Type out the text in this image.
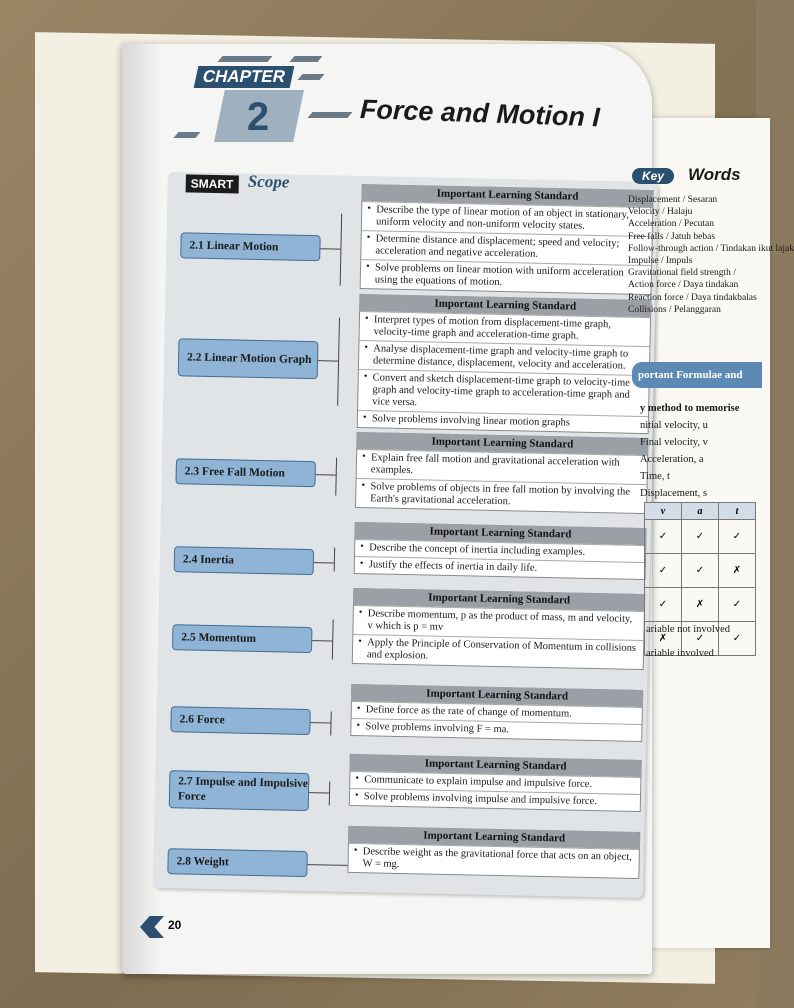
CHAPTER
2	Force and Motion I
SMART Scope
2.1 Linear Motion
Important Learning Standard
• Describe the type of linear motion of an object in stationary, uniform velocity and non-uniform velocity states.
• Determine distance and displacement; speed and velocity; acceleration and negative acceleration.
• Solve problems on linear motion with uniform acceleration using the equations of motion.
2.2 Linear Motion Graph
Important Learning Standard
• Interpret types of motion from displacement-time graph, velocity-time graph and acceleration-time graph.
• Analyse displacement-time graph and velocity-time graph to determine distance, displacement, velocity and acceleration.
• Convert and sketch displacement-time graph to velocity-time graph and velocity-time graph to acceleration-time graph and vice versa.
• Solve problems involving linear motion graphs
2.3 Free Fall Motion
Important Learning Standard
• Explain free fall motion and gravitational acceleration with examples.
• Solve problems of objects in free fall motion by involving the Earth's gravitational acceleration.
2.4 Inertia
Important Learning Standard
• Describe the concept of inertia including examples.
• Justify the effects of inertia in daily life.
2.5 Momentum
Important Learning Standard
• Describe momentum, p as the product of mass, m and velocity, v which is p = mv
• Apply the Principle of Conservation of Momentum in collisions and explosion.
2.6 Force
Important Learning Standard
• Define force as the rate of change of momentum.
• Solve problems involving F = ma.
2.7 Impulse and Impulsive Force
Important Learning Standard
• Communicate to explain impulse and impulsive force.
• Solve problems involving impulse and impulsive force.
2.8 Weight
Important Learning Standard
• Describe weight as the gravitational force that acts on an object, W = mg.
Key	Words
Displacement / Sesaran
Velocity / Halaju
Acceleration / Pecutan
Free falls / Jatuh bebas
Follow-through action / Tindakan ikut lajak
Impulse / Impuls
Gravitational field strength /
Action force / Daya tindakan
Reaction force / Daya tindakbalas
Collisions / Pelanggaran
portant Formulae and
y method to memorise
nitial velocity, u
Final velocity, v
Acceleration, a
Time, t
Displacement, s
v	a	t
✓	✓	✓
✓	✓	✗
✓	✗	✓
✗	✓	✓
ariable not involved
ariable involved
20
